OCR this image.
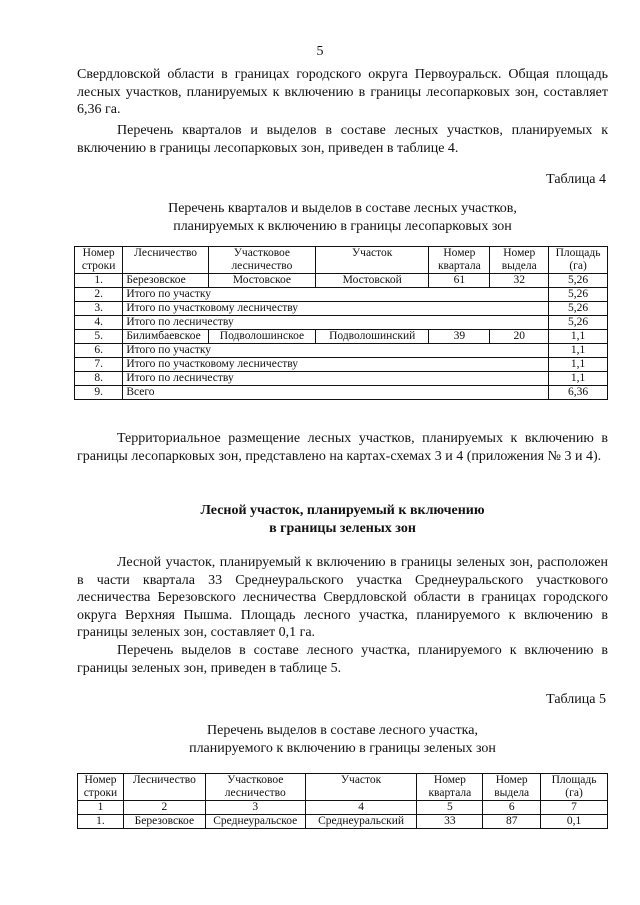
5
Свердловской области в границах городского округа Первоуральск. Общая площадь лесных участков, планируемых к включению в границы лесопарковых зон, составляет 6,36 га.
Перечень кварталов и выделов в составе лесных участков, планируемых к включению в границы лесопарковых зон, приведен в таблице 4.
Таблица 4
Перечень кварталов и выделов в составе лесных участков,
планируемых к включению в границы лесопарковых зон
Номер строки	Лесничество	Участковое лесничество	Участок	Номер квартала	Номер выдела	Площадь (га)
1.	Березовское	Мостовское	Мостовской	61	32	5,26
2.	Итого по участку					5,26
3.	Итого по участковому лесничеству					5,26
4.	Итого по лесничеству					5,26
5.	Билимбаевское	Подволошинское	Подволошинский	39	20	1,1
6.	Итого по участку					1,1
7.	Итого по участковому лесничеству					1,1
8.	Итого по лесничеству					1,1
9.	Всего					6,36
Территориальное размещение лесных участков, планируемых к включению в границы лесопарковых зон, представлено на картах-схемах 3 и 4 (приложения № 3 и 4).
Лесной участок, планируемый к включению
в границы зеленых зон
Лесной участок, планируемый к включению в границы зеленых зон, расположен в части квартала 33 Среднеуральского участка Среднеуральского участкового лесничества Березовского лесничества Свердловской области в границах городского округа Верхняя Пышма. Площадь лесного участка, планируемого к включению в границы зеленых зон, составляет 0,1 га.
Перечень выделов в составе лесного участка, планируемого к включению в границы зеленых зон, приведен в таблице 5.
Таблица 5
Перечень выделов в составе лесного участка,
планируемого к включению в границы зеленых зон
Номер строки	Лесничество	Участковое лесничество	Участок	Номер квартала	Номер выдела	Площадь (га)
1	2	3	4	5	6	7
1.	Березовское	Среднеуральское	Среднеуральский	33	87	0,1
